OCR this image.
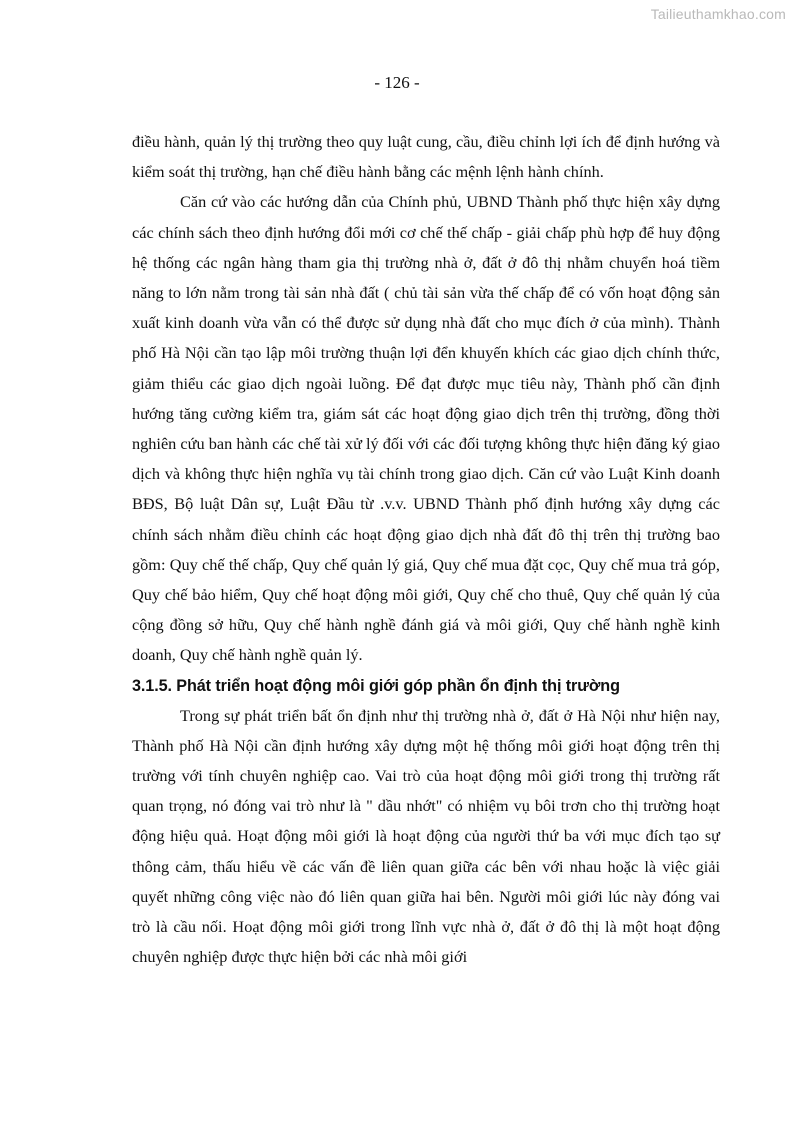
Tailieuthamkhao.com
- 126 -

điều hành, quản lý thị trường theo quy luật cung, cầu, điều chỉnh lợi ích để định hướng và kiểm soát thị trường, hạn chế điều hành bằng các mệnh lệnh hành chính.

Căn cứ vào các hướng dẫn của Chính phủ, UBND Thành phố thực hiện xây dựng các chính sách theo định hướng đổi mới cơ chế thế chấp - giải chấp phù hợp để huy động hệ thống các ngân hàng tham gia thị trường nhà ở, đất ở đô thị nhằm chuyển hoá tiềm năng to lớn nằm trong tài sản nhà đất ( chủ tài sản vừa thế chấp để có vốn hoạt động sản xuất kinh doanh vừa vẫn có thể được sử dụng nhà đất cho mục đích ở của mình). Thành phố Hà Nội cần tạo lập môi trường thuận lợi đển khuyến khích các giao dịch chính thức, giảm thiểu các giao dịch ngoài luồng. Để đạt được mục tiêu này, Thành phố cần định hướng tăng cường kiểm tra, giám sát các hoạt động giao dịch trên thị trường, đồng thời nghiên cứu ban hành các chế tài xử lý đối với các đối tượng không thực hiện đăng ký giao dịch và không thực hiện nghĩa vụ tài chính trong giao dịch. Căn cứ vào Luật Kinh doanh BĐS, Bộ luật Dân sự, Luật Đầu từ .v.v. UBND Thành phố định hướng xây dựng các chính sách nhằm điều chỉnh các hoạt động giao dịch nhà đất đô thị trên thị trường bao gồm: Quy chế thế chấp, Quy chế quản lý giá, Quy chế mua đặt cọc, Quy chế mua trả góp, Quy chế bảo hiểm, Quy chế hoạt động môi giới, Quy chế cho thuê, Quy chế quản lý của cộng đồng sở hữu, Quy chế hành nghề đánh giá và môi giới, Quy chế hành nghề kinh doanh, Quy chế hành nghề quản lý.

3.1.5. Phát triển hoạt động môi giới góp phần ổn định thị trường

Trong sự phát triển bất ổn định như thị trường nhà ở, đất ở Hà Nội như hiện nay, Thành phố Hà Nội cần định hướng xây dựng một hệ thống môi giới hoạt động trên thị trường với tính chuyên nghiệp cao. Vai trò của hoạt động môi giới trong thị trường rất quan trọng, nó đóng vai trò như là " dầu nhớt" có nhiệm vụ bôi trơn cho thị trường hoạt động hiệu quả. Hoạt động môi giới là hoạt động của người thứ ba với mục đích tạo sự thông cảm, thấu hiểu về các vấn đề liên quan giữa các bên với nhau hoặc là việc giải quyết những công việc nào đó liên quan giữa hai bên. Người môi giới lúc này đóng vai trò là cầu nối. Hoạt động môi giới trong lĩnh vực nhà ở, đất ở đô thị là một hoạt động chuyên nghiệp được thực hiện bởi các nhà môi giới
